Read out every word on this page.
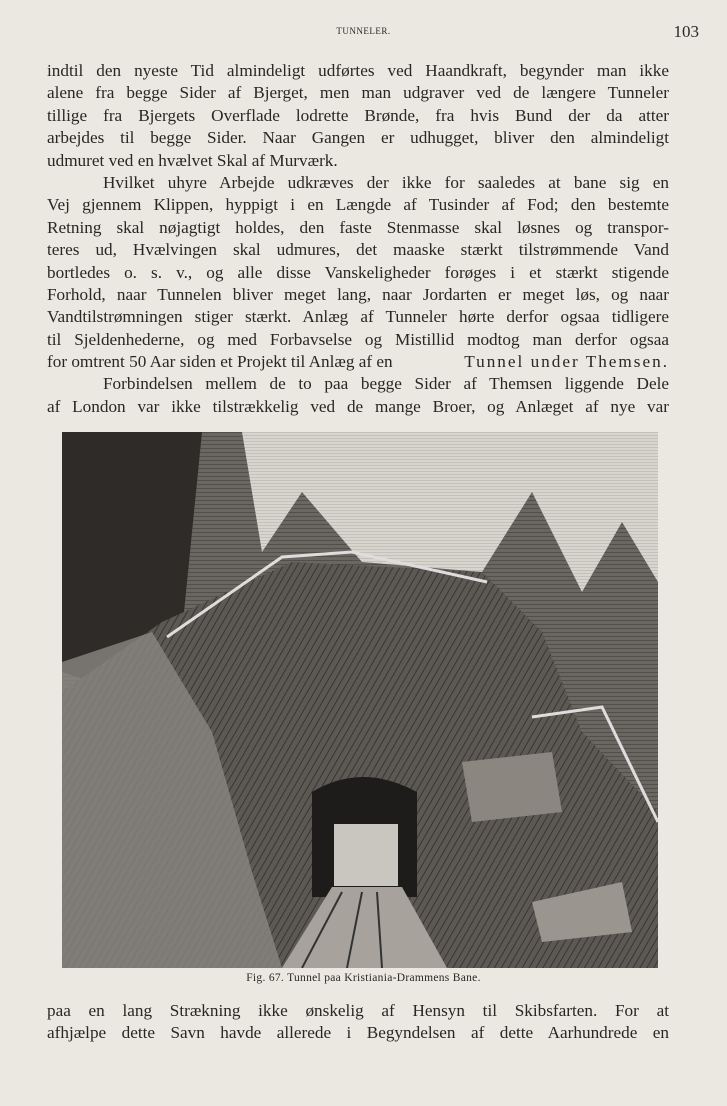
TUNNELER.	103
indtil den nyeste Tid almindeligt udførtes ved Haandkraft, begynder man ikke
alene fra begge Sider af Bjerget, men man udgraver ved de længere Tunneler
tillige fra Bjergets Overflade lodrette Brønde, fra hvis Bund der da atter
arbejdes til begge Sider. Naar Gangen er udhugget, bliver den almindeligt
udmuret ved en hvælvet Skal af Murværk.
Hvilket uhyre Arbejde udkræves der ikke for saaledes at bane sig en
Vej gjennem Klippen, hyppigt i en Længde af Tusinder af Fod; den bestemte
Retning skal nøjagtigt holdes, den faste Stenmasse skal løsnes og transpor-
teres ud, Hvælvingen skal udmures, det maaske stærkt tilstrømmende Vand
bortledes o. s. v., og alle disse Vanskeligheder forøges i et stærkt stigende
Forhold, naar Tunnelen bliver meget lang, naar Jordarten er meget løs, og naar
Vandtilstrømningen stiger stærkt. Anlæg af Tunneler hørte derfor ogsaa tidligere
til Sjeldenhederne, og med Forbavselse og Mistillid modtog man derfor ogsaa
for omtrent 50 Aar siden et Projekt til Anlæg af en	Tunnel under Themsen.
Forbindelsen mellem de to paa begge Sider af Themsen liggende Dele
af London var ikke tilstrækkelig ved de mange Broer, og Anlæget af nye var
Fig. 67. Tunnel paa Kristiania-Drammens Bane.
paa en lang Strækning ikke ønskelig af Hensyn til Skibsfarten. For at
afhjælpe dette Savn havde allerede i Begyndelsen af dette Aarhundrede en
